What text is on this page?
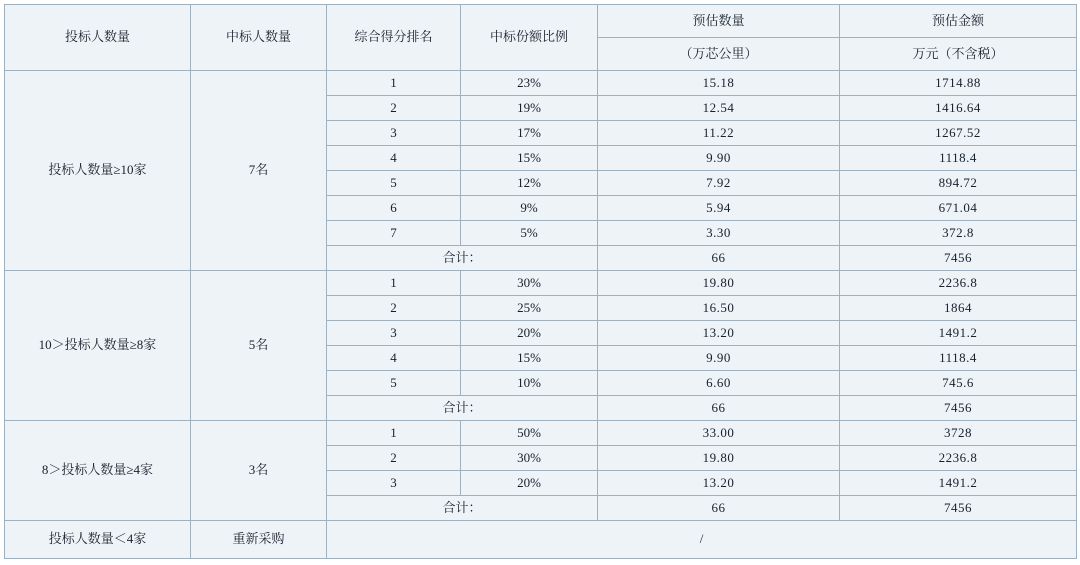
投标人数量	中标人数量	综合得分排名	中标份额比例	预估数量	预估金额
				（万芯公里）	万元（不含税）
投标人数量≥10家	7名	1	23%	15.18	1714.88
		2	19%	12.54	1416.64
		3	17%	11.22	1267.52
		4	15%	9.90	1118.4
		5	12%	7.92	894.72
		6	9%	5.94	671.04
		7	5%	3.30	372.8
		合计：		66	7456
10＞投标人数量≥8家	5名	1	30%	19.80	2236.8
		2	25%	16.50	1864
		3	20%	13.20	1491.2
		4	15%	9.90	1118.4
		5	10%	6.60	745.6
		合计：		66	7456
8＞投标人数量≥4家	3名	1	50%	33.00	3728
		2	30%	19.80	2236.8
		3	20%	13.20	1491.2
		合计：		66	7456
投标人数量＜4家	重新采购	/			
